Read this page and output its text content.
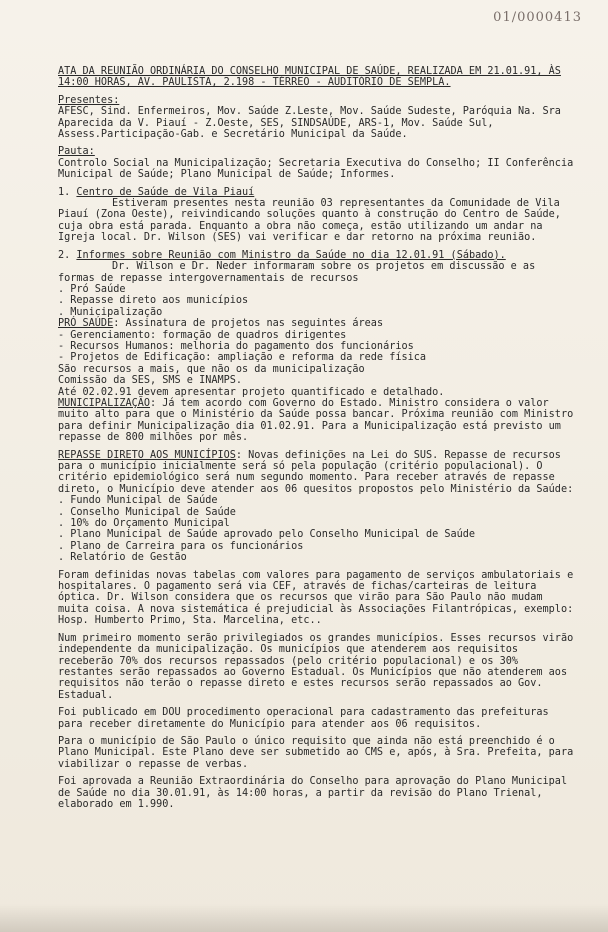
01/0000413

ATA DA REUNIÃO ORDINÁRIA DO CONSELHO MUNICIPAL DE SAÚDE, REALIZADA EM 21.01.91, ÀS 14:00 HORAS, AV. PAULISTA, 2.198 - TÉRREO - AUDITÓRIO DE SEMPLA.

Presentes:

AFESC, Sind. Enfermeiros, Mov. Saúde Z.Leste, Mov. Saúde Sudeste, Paróquia Na. Sra Aparecida da V. Piauí - Z.Oeste, SES, SINDSAÚDE, ARS-1, Mov. Saúde Sul, Assess.Participação-Gab. e Secretário Municipal da Saúde.

Pauta:

Controlo Social na Municipalização; Secretaria Executiva do Conselho; II Conferência Municipal de Saúde; Plano Municipal de Saúde; Informes.

1. Centro de Saúde de Vila Piauí

Estiveram presentes nesta reunião 03 representantes da Comunidade de Vila Piauí (Zona Oeste), reivindicando soluções quanto à construção do Centro de Saúde, cuja obra está parada. Enquanto a obra não começa, estão utilizando um andar na Igreja local. Dr. Wilson (SES) vai verificar e dar retorno na próxima reunião.

2. Informes sobre Reunião com Ministro da Saúde no dia 12.01.91 (Sábado).

Dr. Wilson e Dr. Neder informaram sobre os projetos em discussão e as formas de repasse intergovernamentais de recursos

. Pró Saúde
. Repasse direto aos municípios
. Municipalização

PRÓ SAÚDE: Assinatura de projetos nas seguintes áreas

- Gerenciamento: formação de quadros dirigentes
- Recursos Humanos: melhoria do pagamento dos funcionários
- Projetos de Edificação: ampliação e reforma da rede física

São recursos a mais, que não os da municipalização

Comissão da SES, SMS e INAMPS.

Até 02.02.91 devem apresentar projeto quantificado e detalhado.

MUNICIPALIZAÇÃO: Já tem acordo com Governo do Estado. Ministro considera o valor muito alto para que o Ministério da Saúde possa bancar. Próxima reunião com Ministro para definir Municipalização dia 01.02.91. Para a Municipalização está previsto um repasse de 800 milhões por mês.

REPASSE DIRETO AOS MUNICÍPIOS: Novas definições na Lei do SUS. Repasse de recursos para o município inicialmente será só pela população (critério populacional). O critério epidemiológico será num segundo momento. Para receber através de repasse direto, o Município deve atender aos 06 quesitos propostos pelo Ministério da Saúde:

. Fundo Municipal de Saúde
. Conselho Municipal de Saúde
. 10% do Orçamento Municipal
. Plano Municipal de Saúde aprovado pelo Conselho Municipal de Saúde
. Plano de Carreira para os funcionários
. Relatório de Gestão

Foram definidas novas tabelas com valores para pagamento de serviços ambulatoriais e hospitalares. O pagamento será via CEF, através de fichas/carteiras de leitura óptica. Dr. Wilson considera que os recursos que virão para São Paulo não mudam muita coisa. A nova sistemática é prejudicial às Associações Filantrópicas, exemplo: Hosp. Humberto Primo, Sta. Marcelina, etc..

Num primeiro momento serão privilegiados os grandes municípios. Esses recursos virão independente da municipalização. Os municípios que atenderem aos requisitos receberão 70% dos recursos repassados (pelo critério populacional) e os 30% restantes serão repassados ao Governo Estadual. Os Municípios que não atenderem aos requisitos não terão o repasse direto e estes recursos serão repassados ao Gov. Estadual.

Foi publicado em DOU procedimento operacional para cadastramento das prefeituras para receber diretamente do Município para atender aos 06 requisitos.

Para o município de São Paulo o único requisito que ainda não está preenchido é o Plano Municipal. Este Plano deve ser submetido ao CMS e, após, à Sra. Prefeita, para viabilizar o repasse de verbas.

Foi aprovada a Reunião Extraordinária do Conselho para aprovação do Plano Municipal de Saúde no dia 30.01.91, às 14:00 horas, a partir da revisão do Plano Trienal, elaborado em 1.990.
